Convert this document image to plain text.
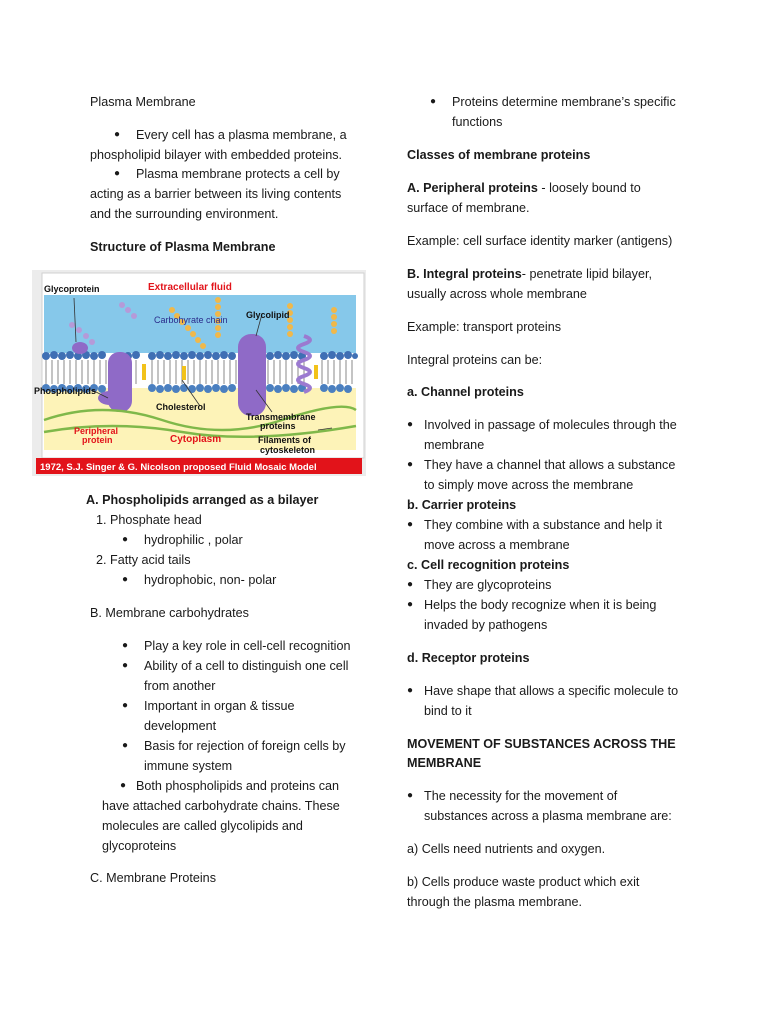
Plasma Membrane
● Every cell has a plasma membrane, a
phospholipid bilayer with embedded proteins.
● Plasma membrane protects a cell by
acting as a barrier between its living contents
and the surrounding environment.
Structure of Plasma Membrane
Glycoprotein	Extracellular fluid
Carbohyrate chain Glycolipid
Phospholipids
Cholesterol
Peripheral
protein	Cytoplasm
Transmembrane
proteins
Filaments of
cytoskeleton
1972, S.J. Singer & G. Nicolson proposed Fluid Mosaic Model
A. Phospholipids arranged as a bilayer
1. Phosphate head
● hydrophilic , polar
2. Fatty acid tails
● hydrophobic, non- polar
B. Membrane carbohydrates
● Play a key role in cell-cell recognition
● Ability of a cell to distinguish one cell
from another
● Important in organ & tissue
development
● Basis for rejection of foreign cells by
immune system
● Both phospholipids and proteins can
have attached carbohydrate chains. These
molecules are called glycolipids and
glycoproteins
C. Membrane Proteins
● Proteins determine membrane’s specific
functions
Classes of membrane proteins
A. Peripheral proteins - loosely bound to
surface of membrane.
Example: cell surface identity marker (antigens)
B. Integral proteins- penetrate lipid bilayer,
usually across whole membrane
Example: transport proteins
Integral proteins can be:
a. Channel proteins
● Involved in passage of molecules through the
membrane
● They have a channel that allows a substance
to simply move across the membrane
b. Carrier proteins
● They combine with a substance and help it
move across a membrane
c. Cell recognition proteins
● They are glycoproteins
● Helps the body recognize when it is being
invaded by pathogens
d. Receptor proteins
● Have shape that allows a specific molecule to
bind to it
MOVEMENT OF SUBSTANCES ACROSS THE
MEMBRANE
● The necessity for the movement of
substances across a plasma membrane are:
a) Cells need nutrients and oxygen.
b) Cells produce waste product which exit
through the plasma membrane.
